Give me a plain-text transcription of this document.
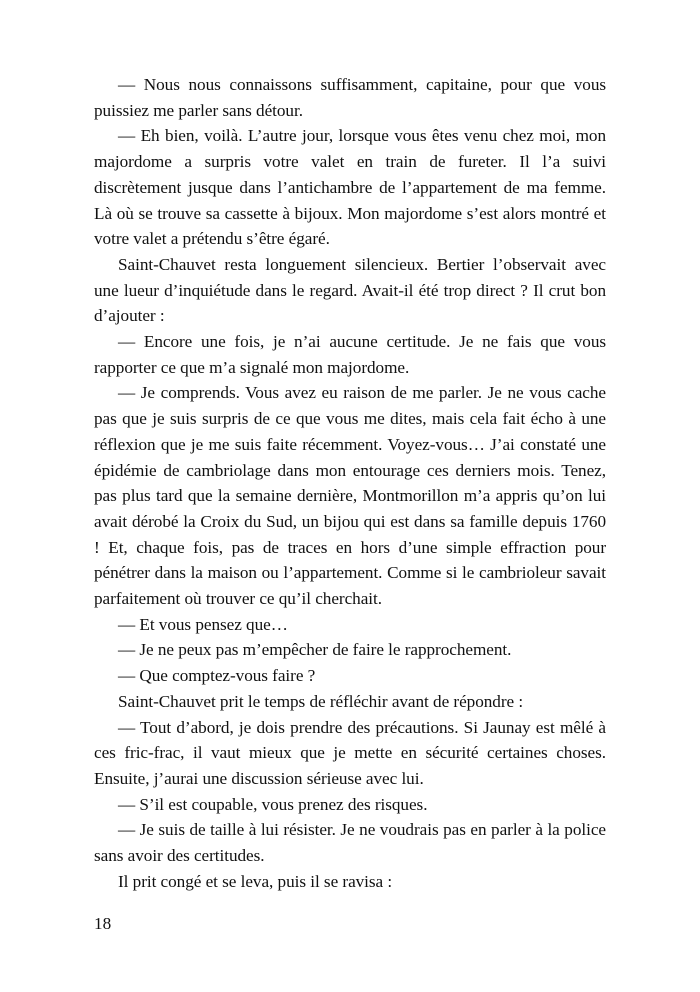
— Nous nous connaissons suffisamment, capitaine, pour que vous puissiez me parler sans détour.

— Eh bien, voilà. L’autre jour, lorsque vous êtes venu chez moi, mon majordome a surpris votre valet en train de fureter. Il l’a suivi discrètement jusque dans l’antichambre de l’appartement de ma femme. Là où se trouve sa cassette à bijoux. Mon majordome s’est alors montré et votre valet a prétendu s’être égaré.

Saint-Chauvet resta longuement silencieux. Bertier l’observait avec une lueur d’inquiétude dans le regard. Avait-il été trop direct ? Il crut bon d’ajouter :

— Encore une fois, je n’ai aucune certitude. Je ne fais que vous rapporter ce que m’a signalé mon majordome.

— Je comprends. Vous avez eu raison de me parler. Je ne vous cache pas que je suis surpris de ce que vous me dites, mais cela fait écho à une réflexion que je me suis faite récemment. Voyez-vous… J’ai constaté une épidémie de cambriolage dans mon entourage ces derniers mois. Tenez, pas plus tard que la semaine dernière, Montmorillon m’a appris qu’on lui avait dérobé la Croix du Sud, un bijou qui est dans sa famille depuis 1760 ! Et, chaque fois, pas de traces en hors d’une simple effraction pour pénétrer dans la maison ou l’appartement. Comme si le cambrioleur savait parfaitement où trouver ce qu’il cherchait.

— Et vous pensez que…

— Je ne peux pas m’empêcher de faire le rapprochement.

— Que comptez-vous faire ?

Saint-Chauvet prit le temps de réfléchir avant de répondre :

— Tout d’abord, je dois prendre des précautions. Si Jaunay est mêlé à ces fric-frac, il vaut mieux que je mette en sécurité certaines choses. Ensuite, j’aurai une discussion sérieuse avec lui.

— S’il est coupable, vous prenez des risques.

— Je suis de taille à lui résister. Je ne voudrais pas en parler à la police sans avoir des certitudes.

Il prit congé et se leva, puis il se ravisa :

18
